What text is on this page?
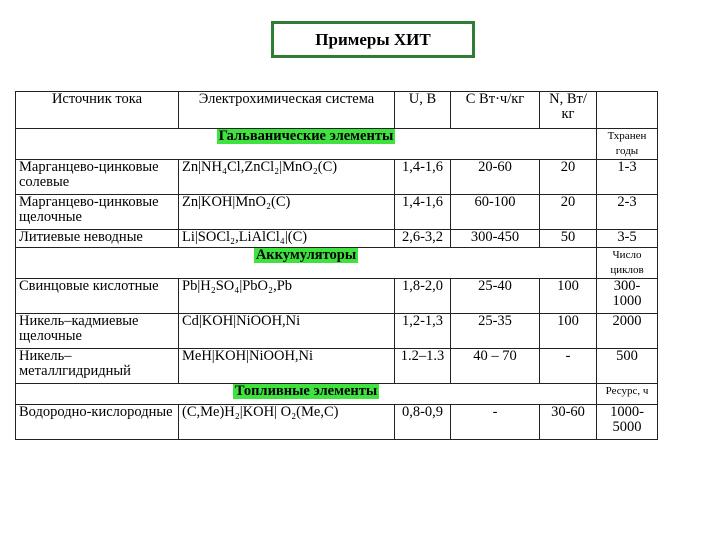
Примеры ХИТ
Источник тока	Электрохимическая система	U, В	C Вт·ч/кг	N, Вт/кг	
Гальванические элементы					Тхранен годы
Марганцево-цинковые солевые	Zn|NH₄Cl,ZnCl₂|MnO₂(C)	1,4-1,6	20-60	20	1-3
Марганцево-цинковые щелочные	Zn|KOH|MnO₂(C)	1,4-1,6	60-100	20	2-3
Литиевые неводные	Li|SOCl₂,LiAlCl₄|(C)	2,6-3,2	300-450	50	3-5
Аккумуляторы					Число циклов
Свинцовые кислотные	Pb|H₂SO₄|PbO₂,Pb	1,8-2,0	25-40	100	300-1000
Никель–кадмиевые щелочные	Cd|KOH|NiOOH,Ni	1,2-1,3	25-35	100	2000
Никель–металлгидридный	MeH|KOH|NiOOH,Ni	1.2–1.3	40 – 70	-	500
Топливные элементы					Ресурс, ч
Водородно-кислородные	(C,Me)H₂|KOH| O₂(Me,C)	0,8-0,9	-	30-60	1000-5000
